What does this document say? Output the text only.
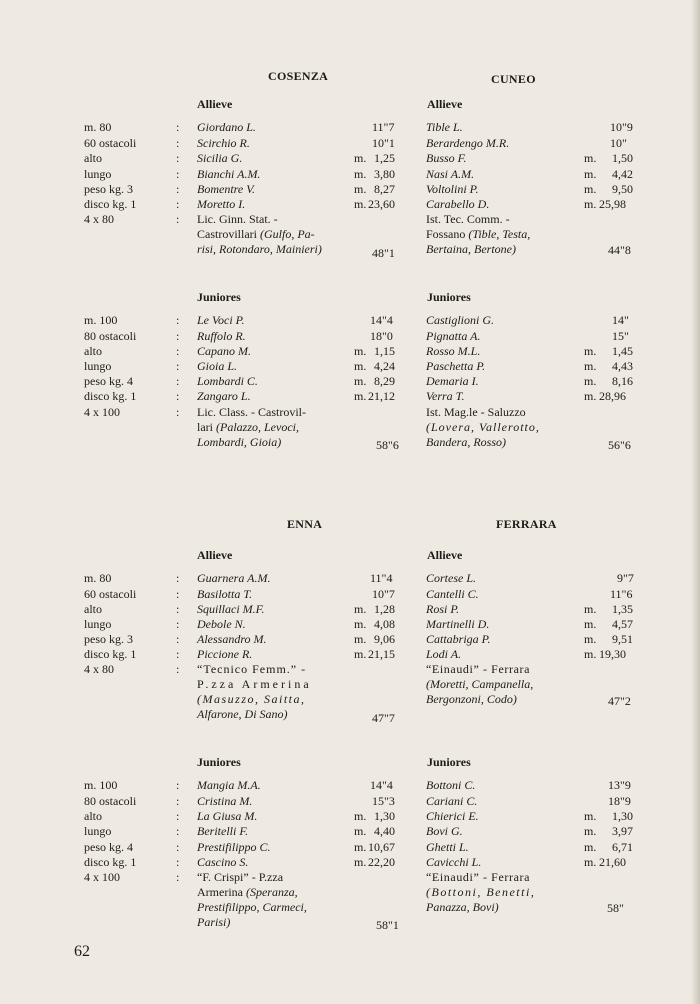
COSENZA	CUNEO
ENNA	FERRARA
Allieve	Allieve
Juniores	Juniores
Allieve	Allieve
Juniores	Juniores
m. 80	: Giordano L.	11"7	Tible L.	10"9
60 ostacoli	: Scirchio R.	10"1	Berardengo M.R.	10"
alto	: Sicilia G.	m. 1,25	Busso F.	m. 1,50
lungo	: Bianchi A.M.	m. 3,80	Nasi A.M.	m. 4,42
peso kg. 3	: Bomentre V.	m. 8,27	Voltolini P.	m. 9,50
disco kg. 1	: Moretto I.	m. 23,60	Carabello D.	m. 25,98
4 x 80	: Lic. Ginn. Stat. -
Castrovillari (Gulfo, Pa-
risi, Rotondaro, Mainieri)	48"1
Ist. Tec. Comm. -
Fossano (Tible, Testa,
Bertaina, Bertone)	44"8
m. 100	: Le Voci P.	14"4	Castiglioni G.	14"
80 ostacoli	: Ruffolo R.	18"0	Pignatta A.	15"
alto	: Capano M.	m. 1,15	Rosso M.L.	m. 1,45
lungo	: Gioia L.	m. 4,24	Paschetta P.	m. 4,43
peso kg. 4	: Lombardi C.	m. 8,29	Demaria I.	m. 8,16
disco kg. 1	: Zangaro L.	m. 21,12	Verra T.	m. 28,96
4 x 100	: Lic. Class. - Castrovil-
lari (Palazzo, Levoci,
Lombardi, Gioia)	58"6
Ist. Mag.le - Saluzzo
(Lovera, Vallerotto,
Bandera, Rosso)	56"6
m. 80	: Guarnera A.M.	11"4	Cortese L.	9"7
60 ostacoli	: Basilotta T.	10"7	Cantelli C.	11"6
alto	: Squillaci M.F.	m. 1,28	Rosi P.	m. 1,35
lungo	: Debole N.	m. 4,08	Martinelli D.	m. 4,57
peso kg. 3	: Alessandro M.	m. 9,06	Cattabriga P.	m. 9,51
disco kg. 1	: Piccione R.	m. 21,15	Lodi A.	m. 19,30
4 x 80	: “Tecnico Femm.” -
P.zza Armerina
(Masuzzo, Saitta,
Alfarone, Di Sano)	47"7
“Einaudi” - Ferrara
(Moretti, Campanella,
Bergonzoni, Codo)	47"2
m. 100	: Mangia M.A.	14"4	Bottoni C.	13"9
80 ostacoli	: Cristina M.	15"3	Cariani C.	18"9
alto	: La Giusa M.	m. 1,30	Chierici E.	m. 1,30
lungo	: Beritelli F.	m. 4,40	Bovi G.	m. 3,97
peso kg. 4	: Prestifilippo C.	m. 10,67	Ghetti L.	m. 6,71
disco kg. 1	: Cascino S.	m. 22,20	Cavicchi L.	m. 21,60
4 x 100	: “F. Crispi” - P.zza
Armerina (Speranza,
Prestifilippo, Carmeci,
Parisi)	58"1
“Einaudi” - Ferrara
(Bottoni, Benetti,
Panazza, Bovi)	58"
62
